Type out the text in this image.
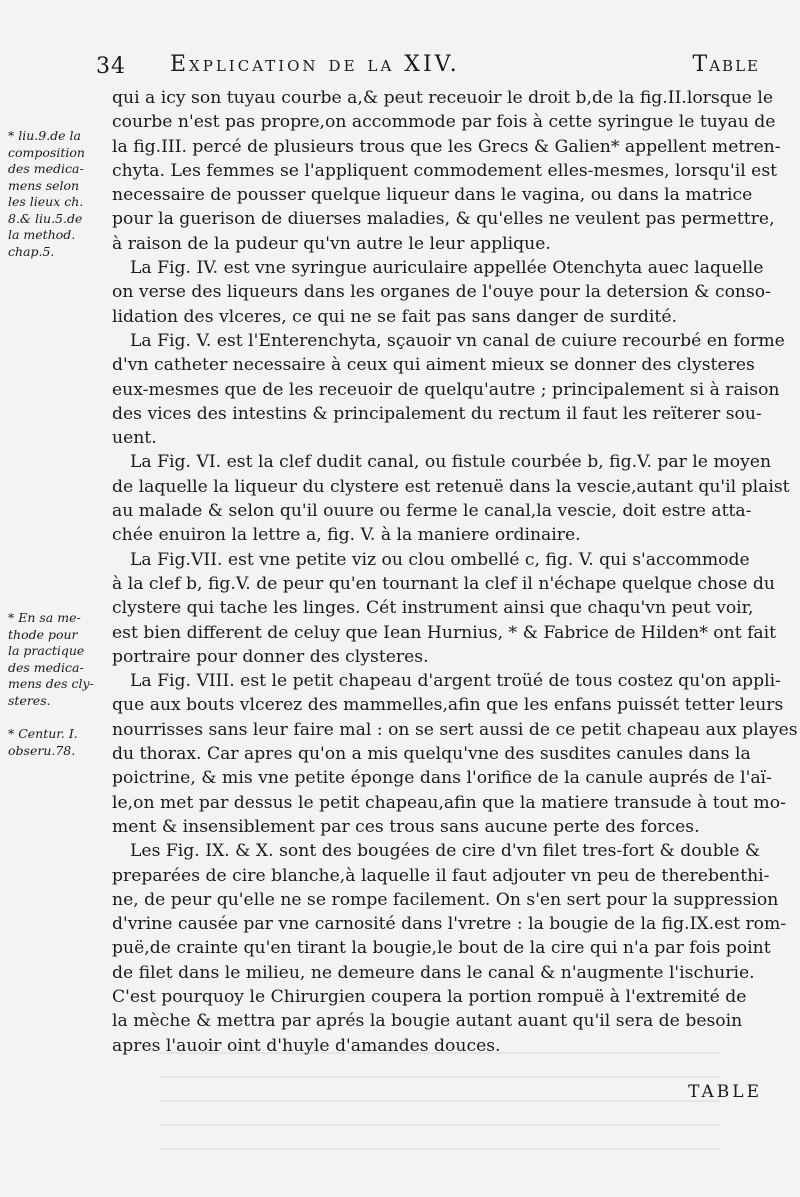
34 Explication de la XIV.	Table
* liu.9.de la
composition
des medica-
mens selon
les lieux ch.
8.& liu.5.de
la method.
chap.5.
* En sa me-
thode pour
la practique
des medica-
mens des cly-
steres.
* Centur. I.
obseru.78.
qui a icy son tuyau courbe a,& peut receuoir le droit b,de la fig.II.lorsque le
courbe n'est pas propre,on accommode par fois à cette syringue le tuyau de
la fig.III. percé de plusieurs trous que les Grecs & Galien* appellent metren-
chyta. Les femmes se l'appliquent commodement elles-mesmes, lorsqu'il est
necessaire de pousser quelque liqueur dans le vagina, ou dans la matrice
pour la guerison de diuerses maladies, & qu'elles ne veulent pas permettre,
à raison de la pudeur qu'vn autre le leur applique.
La Fig. IV. est vne syringue auriculaire appellée Otenchyta auec laquelle
on verse des liqueurs dans les organes de l'ouye pour la detersion & conso-
lidation des vlceres, ce qui ne se fait pas sans danger de surdité.
La Fig. V. est l'Enterenchyta, sçauoir vn canal de cuiure recourbé en forme
d'vn catheter necessaire à ceux qui aiment mieux se donner des clysteres
eux-mesmes que de les receuoir de quelqu'autre ; principalement si à raison
des vices des intestins & principalement du rectum il faut les reïterer sou-
uent.
La Fig. VI. est la clef dudit canal, ou fistule courbée b, fig.V. par le moyen
de laquelle la liqueur du clystere est retenuë dans la vescie,autant qu'il plaist
au malade & selon qu'il ouure ou ferme le canal,la vescie, doit estre atta-
chée enuiron la lettre a, fig. V. à la maniere ordinaire.
La Fig.VII. est vne petite viz ou clou ombellé c, fig. V. qui s'accommode
à la clef b, fig.V. de peur qu'en tournant la clef il n'échape quelque chose du
clystere qui tache les linges. Cét instrument ainsi que chaqu'vn peut voir,
est bien different de celuy que Iean Hurnius, * & Fabrice de Hilden* ont fait
portraire pour donner des clysteres.
La Fig. VIII. est le petit chapeau d'argent troüé de tous costez qu'on appli-
que aux bouts vlcerez des mammelles,afin que les enfans puissét tetter leurs
nourrisses sans leur faire mal : on se sert aussi de ce petit chapeau aux playes
du thorax. Car apres qu'on a mis quelqu'vne des susdites canules dans la
poictrine, & mis vne petite éponge dans l'orifice de la canule auprés de l'aï-
le,on met par dessus le petit chapeau,afin que la matiere transude à tout mo-
ment & insensiblement par ces trous sans aucune perte des forces.
Les Fig. IX. & X. sont des bougées de cire d'vn filet tres-fort & double &
preparées de cire blanche,à laquelle il faut adjouter vn peu de therebenthi-
ne, de peur qu'elle ne se rompe facilement. On s'en sert pour la suppression
d'vrine causée par vne carnosité dans l'vretre : la bougie de la fig.IX.est rom-
puë,de crainte qu'en tirant la bougie,le bout de la cire qui n'a par fois point
de filet dans le milieu, ne demeure dans le canal & n'augmente l'ischurie.
C'est pourquoy le Chirurgien coupera la portion rompuë à l'extremité de
la mèche & mettra par aprés la bougie autant auant qu'il sera de besoin
apres l'auoir oint d'huyle d'amandes douces.
TABLE
